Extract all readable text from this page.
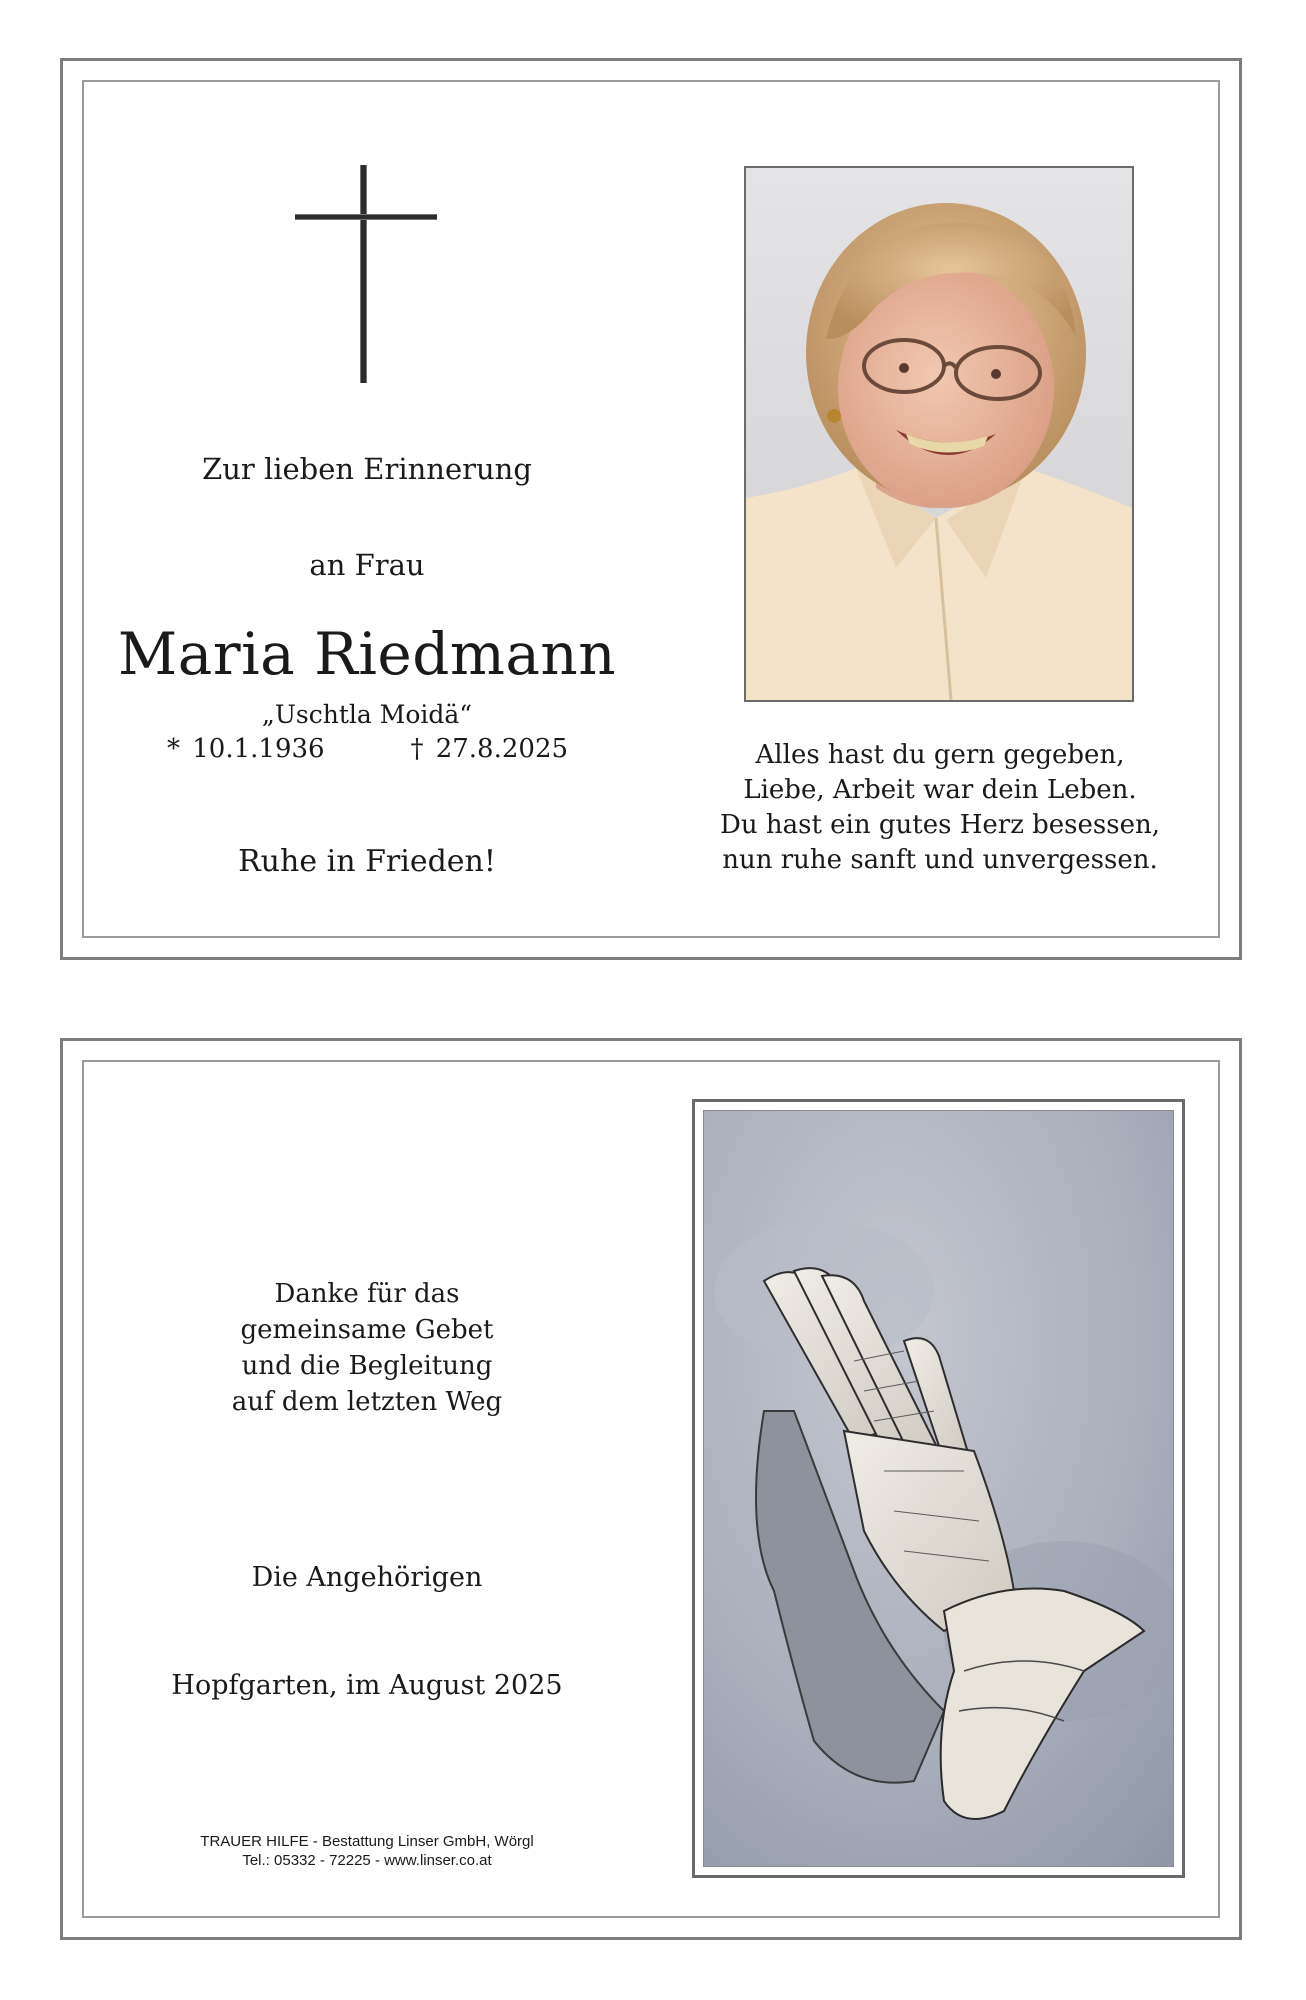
Zur lieben Erinnerung
an Frau
Maria Riedmann
„Uschtla Moidä“
* 10.1.1936       † 27.8.2025
Ruhe in Frieden!
Alles hast du gern gegeben,
Liebe, Arbeit war dein Leben.
Du hast ein gutes Herz besessen,
nun ruhe sanft und unvergessen.
Danke für das
gemeinsame Gebet
und die Begleitung
auf dem letzten Weg
Die Angehörigen
Hopfgarten, im August 2025
TRAUER HILFE - Bestattung Linser GmbH, Wörgl
Tel.: 05332 - 72225 - www.linser.co.at
